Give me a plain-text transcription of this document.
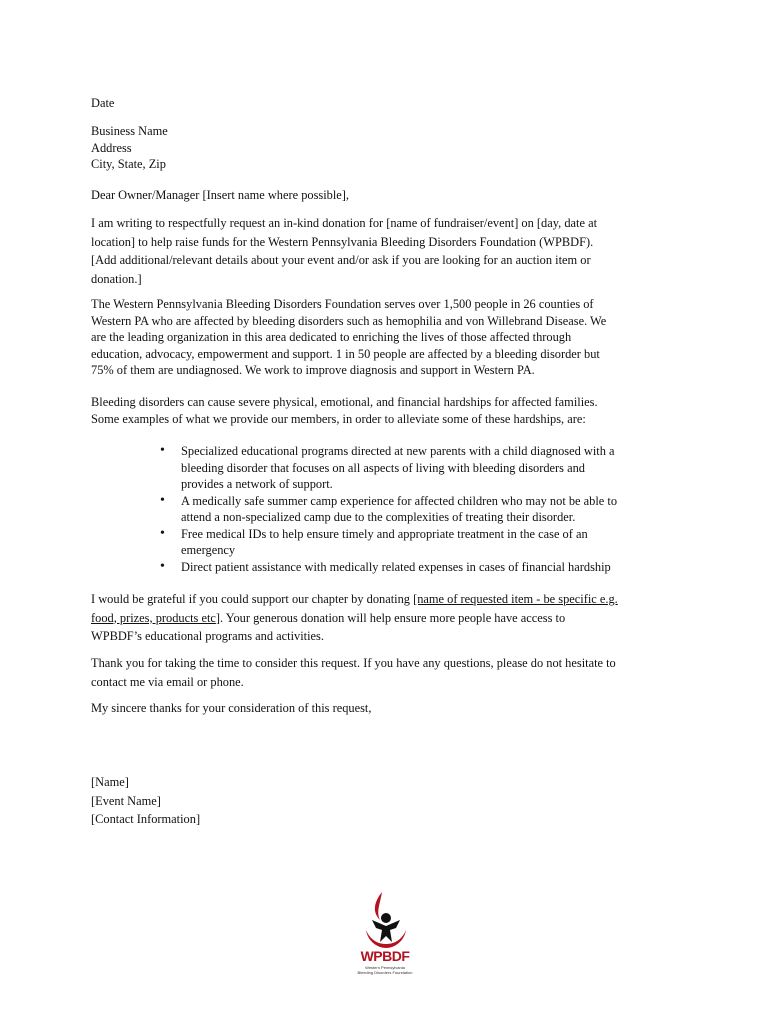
Date

Business Name
Address
City, State, Zip

Dear Owner/Manager [Insert name where possible],

I am writing to respectfully request an in-kind donation for [name of fundraiser/event] on [day, date at
location] to help raise funds for the Western Pennsylvania Bleeding Disorders Foundation (WPBDF).
[Add additional/relevant details about your event and/or ask if you are looking for an auction item or
donation.]

The Western Pennsylvania Bleeding Disorders Foundation serves over 1,500 people in 26 counties of
Western PA who are affected by bleeding disorders such as hemophilia and von Willebrand Disease. We
are the leading organization in this area dedicated to enriching the lives of those affected through
education, advocacy, empowerment and support. 1 in 50 people are affected by a bleeding disorder but
75% of them are undiagnosed. We work to improve diagnosis and support in Western PA.

Bleeding disorders can cause severe physical, emotional, and financial hardships for affected families.
Some examples of what we provide our members, in order to alleviate some of these hardships, are:

• Specialized educational programs directed at new parents with a child diagnosed with a
bleeding disorder that focuses on all aspects of living with bleeding disorders and
provides a network of support.
• A medically safe summer camp experience for affected children who may not be able to
attend a non-specialized camp due to the complexities of treating their disorder.
• Free medical IDs to help ensure timely and appropriate treatment in the case of an
emergency
• Direct patient assistance with medically related expenses in cases of financial hardship

I would be grateful if you could support our chapter by donating [name of requested item - be specific e.g.
food, prizes, products etc]. Your generous donation will help ensure more people have access to
WPBDF’s educational programs and activities.

Thank you for taking the time to consider this request. If you have any questions, please do not hesitate to
contact me via email or phone.

My sincere thanks for your consideration of this request,

[Name]
[Event Name]
[Contact Information]

WPBDF
Western Pennsylvania
Bleeding Disorders Foundation
